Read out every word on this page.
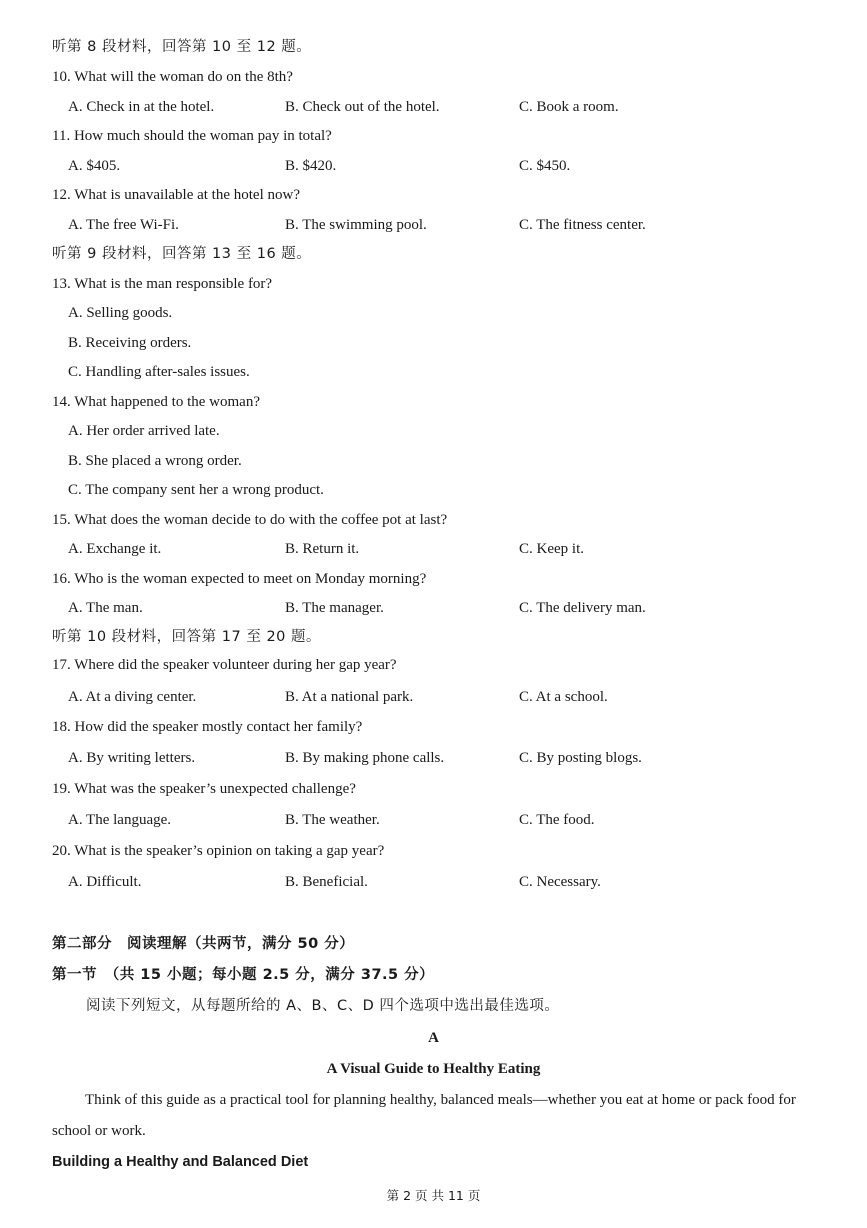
听第 8 段材料，回答第 10 至 12 题。
10. What will the woman do on the 8th?
A. Check in at the hotel.	B. Check out of the hotel.	C. Book a room.
11. How much should the woman pay in total?
A. $405.	B. $420.	C. $450.
12. What is unavailable at the hotel now?
A. The free Wi-Fi.	B. The swimming pool.	C. The fitness center.
听第 9 段材料，回答第 13 至 16 题。
13. What is the man responsible for?
A. Selling goods.
B. Receiving orders.
C. Handling after-sales issues.
14. What happened to the woman?
A. Her order arrived late.
B. She placed a wrong order.
C. The company sent her a wrong product.
15. What does the woman decide to do with the coffee pot at last?
A. Exchange it.	B. Return it.	C. Keep it.
16. Who is the woman expected to meet on Monday morning?
A. The man.	B. The manager.	C. The delivery man.
听第 10 段材料，回答第 17 至 20 题。
17. Where did the speaker volunteer during her gap year?
A. At a diving center.	B. At a national park.	C. At a school.
18. How did the speaker mostly contact her family?
A. By writing letters.	B. By making phone calls.	C. By posting blogs.
19. What was the speaker’s unexpected challenge?
A. The language.	B. The weather.	C. The food.
20. What is the speaker’s opinion on taking a gap year?
A. Difficult.	B. Beneficial.	C. Necessary.
第二部分　阅读理解（共两节，满分 50 分）
第一节　（共 15 小题；每小题 2.5 分，满分 37.5 分）
阅读下列短文，从每题所给的 A、B、C、D 四个选项中选出最佳选项。
A
A Visual Guide to Healthy Eating
Think of this guide as a practical tool for planning healthy, balanced meals—whether you eat at home or pack food for school or work.
Building a Healthy and Balanced Diet
第 2 页 共 11 页
